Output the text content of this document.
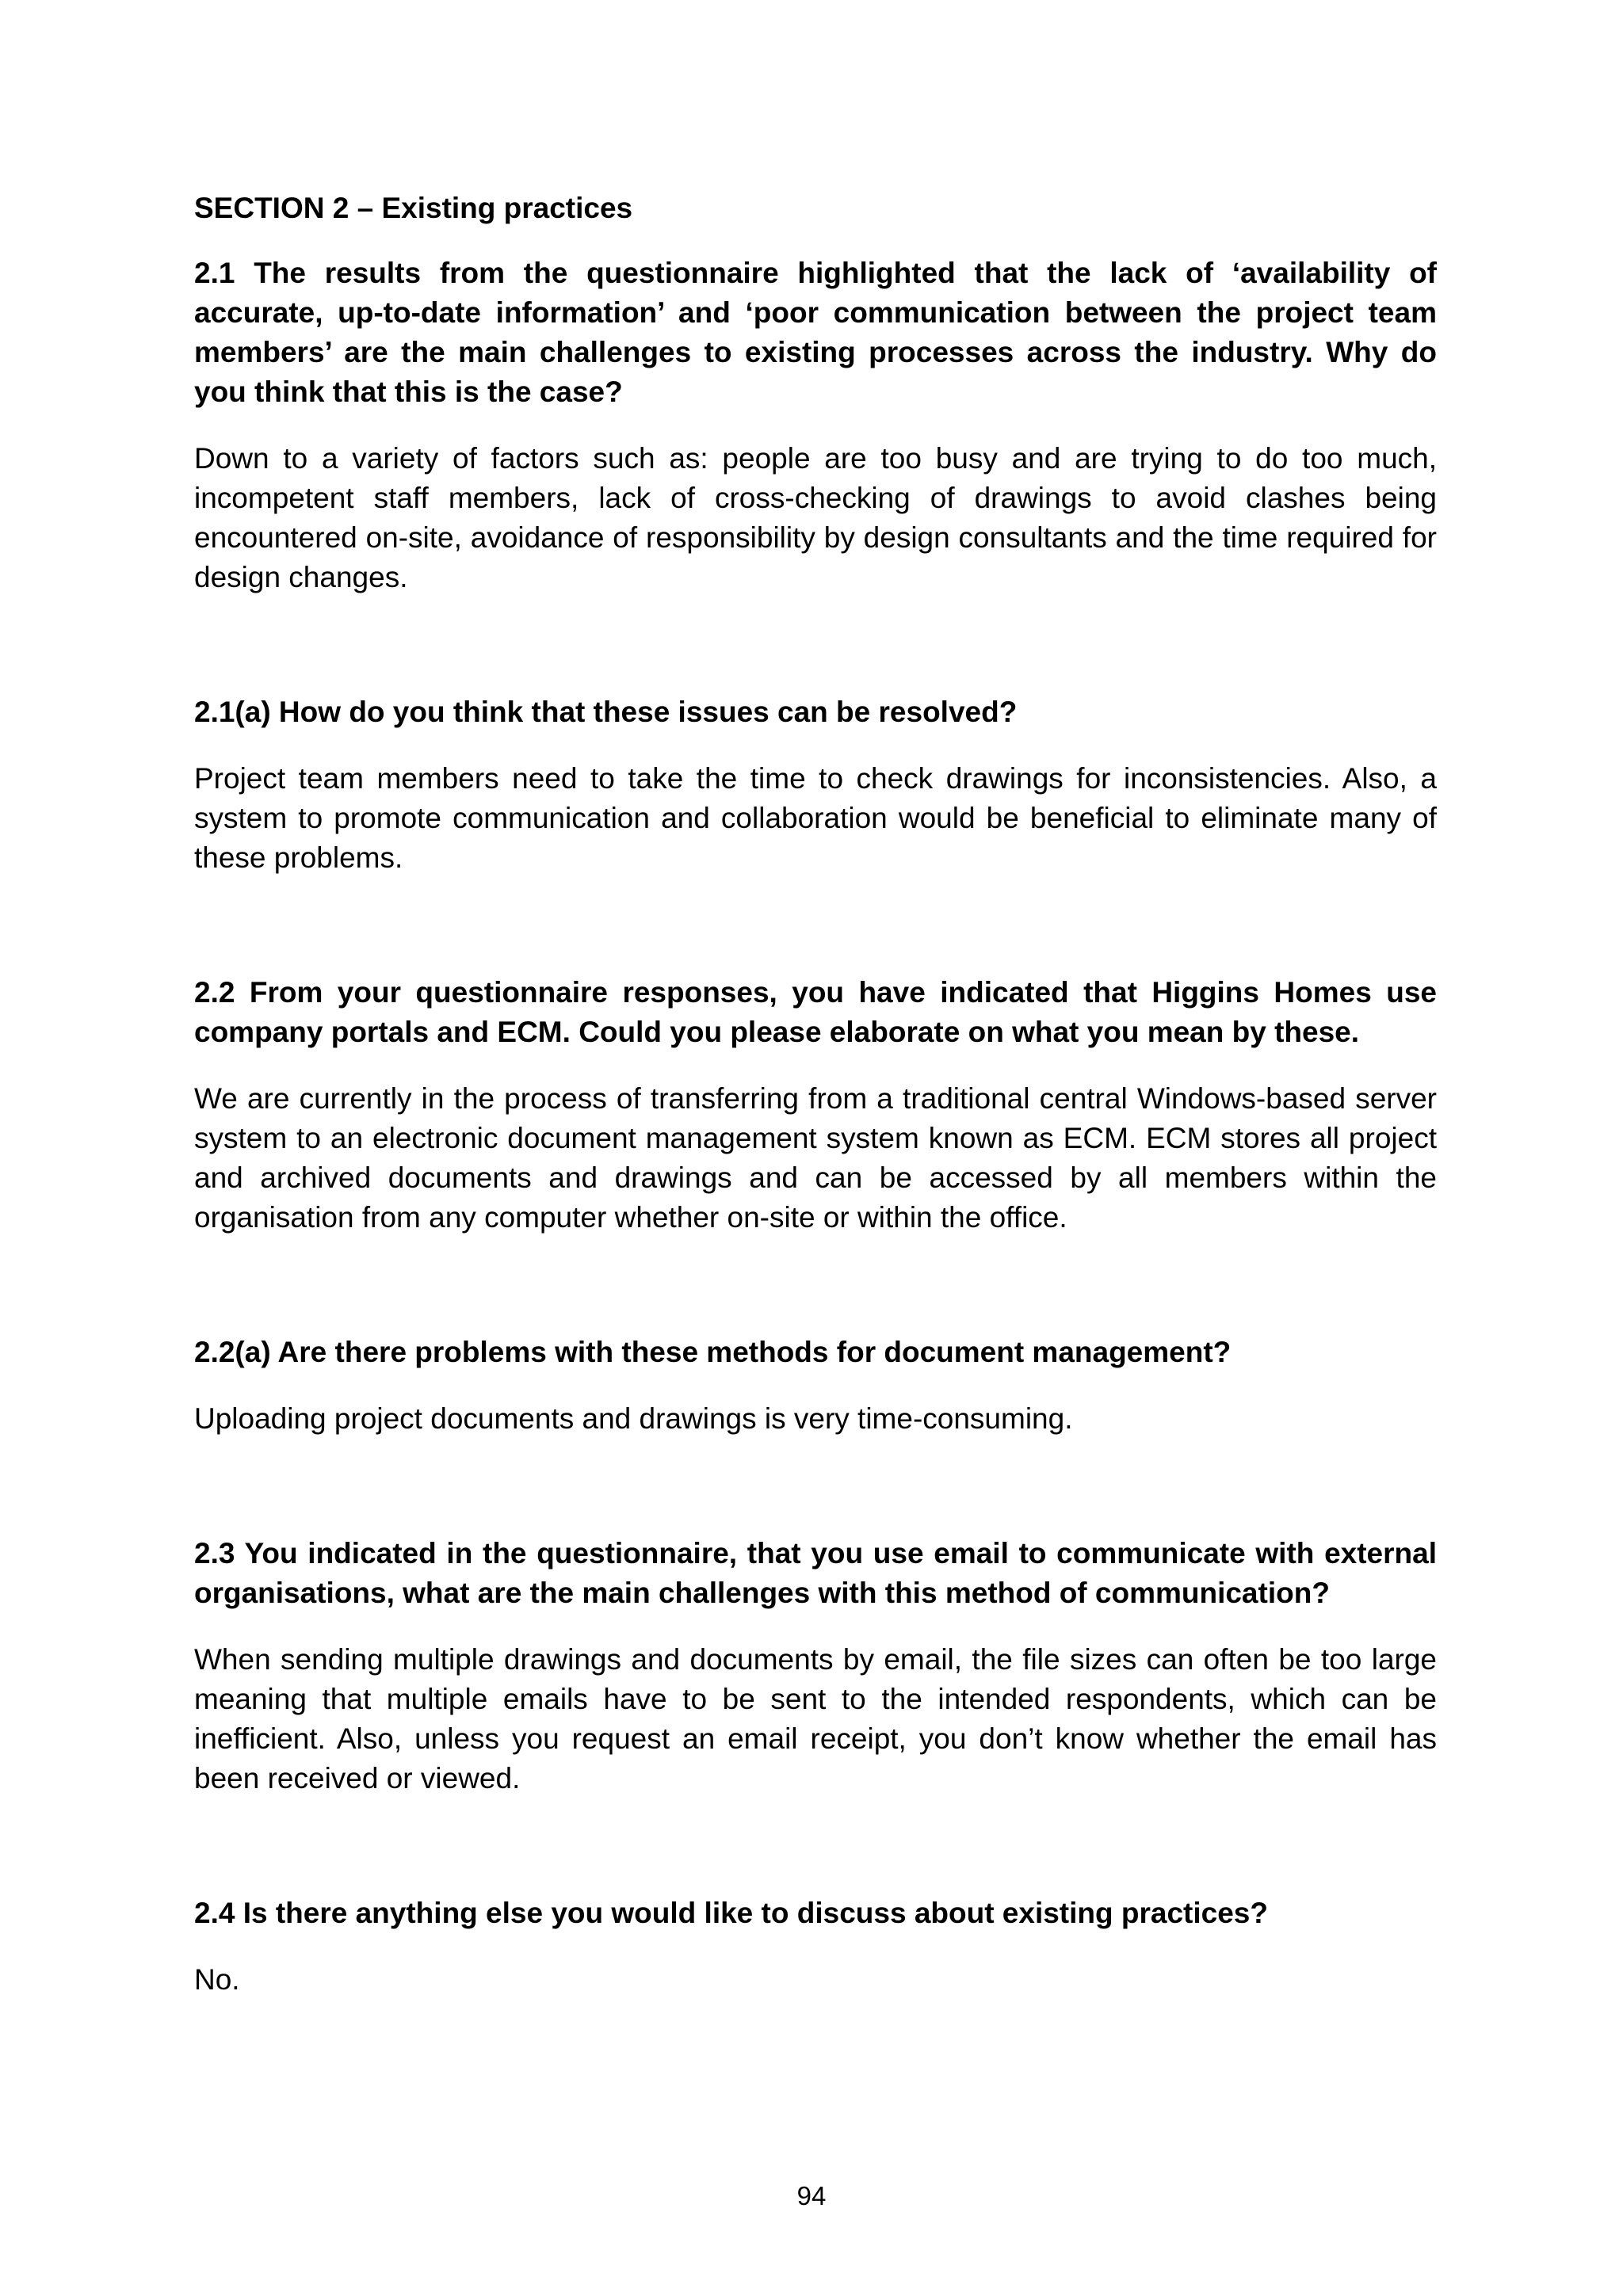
SECTION 2 – Existing practices

2.1 The results from the questionnaire highlighted that the lack of ‘availability of accurate, up-to-date information’ and ‘poor communication between the project team members’ are the main challenges to existing processes across the industry. Why do you think that this is the case?

Down to a variety of factors such as: people are too busy and are trying to do too much, incompetent staff members, lack of cross-checking of drawings to avoid clashes being encountered on-site, avoidance of responsibility by design consultants and the time required for design changes.

2.1(a) How do you think that these issues can be resolved?

Project team members need to take the time to check drawings for inconsistencies. Also, a system to promote communication and collaboration would be beneficial to eliminate many of these problems.

2.2 From your questionnaire responses, you have indicated that Higgins Homes use company portals and ECM. Could you please elaborate on what you mean by these.

We are currently in the process of transferring from a traditional central Windows-based server system to an electronic document management system known as ECM. ECM stores all project and archived documents and drawings and can be accessed by all members within the organisation from any computer whether on-site or within the office.

2.2(a) Are there problems with these methods for document management?

Uploading project documents and drawings is very time-consuming.

2.3 You indicated in the questionnaire, that you use email to communicate with external organisations, what are the main challenges with this method of communication?

When sending multiple drawings and documents by email, the file sizes can often be too large meaning that multiple emails have to be sent to the intended respondents, which can be inefficient. Also, unless you request an email receipt, you don’t know whether the email has been received or viewed.

2.4 Is there anything else you would like to discuss about existing practices?

No.

94
